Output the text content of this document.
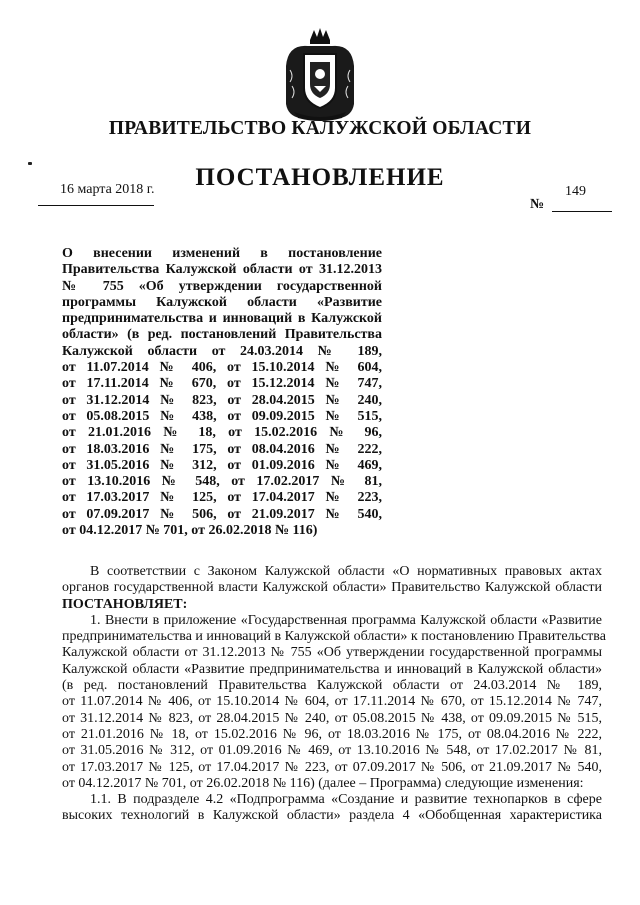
ПРАВИТЕЛЬСТВО КАЛУЖСКОЙ ОБЛАСТИ
ПОСТАНОВЛЕНИЕ
16 марта 2018 г.	149
№
О внесении изменений в постановление
Правительства Калужской области от 31.12.2013
№ 755 «Об утверждении государственной
программы Калужской области «Развитие
предпринимательства и инноваций в Калужской
области» (в ред. постановлений Правительства
Калужской области от 24.03.2014 № 189,
от 11.07.2014 № 406, от 15.10.2014 № 604,
от 17.11.2014 № 670, от 15.12.2014 № 747,
от 31.12.2014 № 823, от 28.04.2015 № 240,
от 05.08.2015 № 438, от 09.09.2015 № 515,
от 21.01.2016 № 18, от 15.02.2016 № 96,
от 18.03.2016 № 175, от 08.04.2016 № 222,
от 31.05.2016 № 312, от 01.09.2016 № 469,
от 13.10.2016 № 548, от 17.02.2017 № 81,
от 17.03.2017 № 125, от 17.04.2017 № 223,
от 07.09.2017 № 506, от 21.09.2017 № 540,
от 04.12.2017 № 701, от 26.02.2018 № 116)
В соответствии с Законом Калужской области «О нормативных правовых актах
органов государственной власти Калужской области» Правительство Калужской области
ПОСТАНОВЛЯЕТ:
1. Внести в приложение «Государственная программа Калужской области «Развитие
предпринимательства и инноваций в Калужской области» к постановлению Правительства
Калужской области от 31.12.2013 № 755 «Об утверждении государственной программы
Калужской области «Развитие предпринимательства и инноваций в Калужской области»
(в ред. постановлений Правительства Калужской области от 24.03.2014 № 189,
от 11.07.2014 № 406, от 15.10.2014 № 604, от 17.11.2014 № 670, от 15.12.2014 № 747,
от 31.12.2014 № 823, от 28.04.2015 № 240, от 05.08.2015 № 438, от 09.09.2015 № 515,
от 21.01.2016 № 18, от 15.02.2016 № 96, от 18.03.2016 № 175, от 08.04.2016 № 222,
от 31.05.2016 № 312, от 01.09.2016 № 469, от 13.10.2016 № 548, от 17.02.2017 № 81,
от 17.03.2017 № 125, от 17.04.2017 № 223, от 07.09.2017 № 506, от 21.09.2017 № 540,
от 04.12.2017 № 701, от 26.02.2018 № 116) (далее – Программа) следующие изменения:
1.1. В подразделе 4.2 «Подпрограмма «Создание и развитие технопарков в сфере
высоких технологий в Калужской области» раздела 4 «Обобщенная характеристика
